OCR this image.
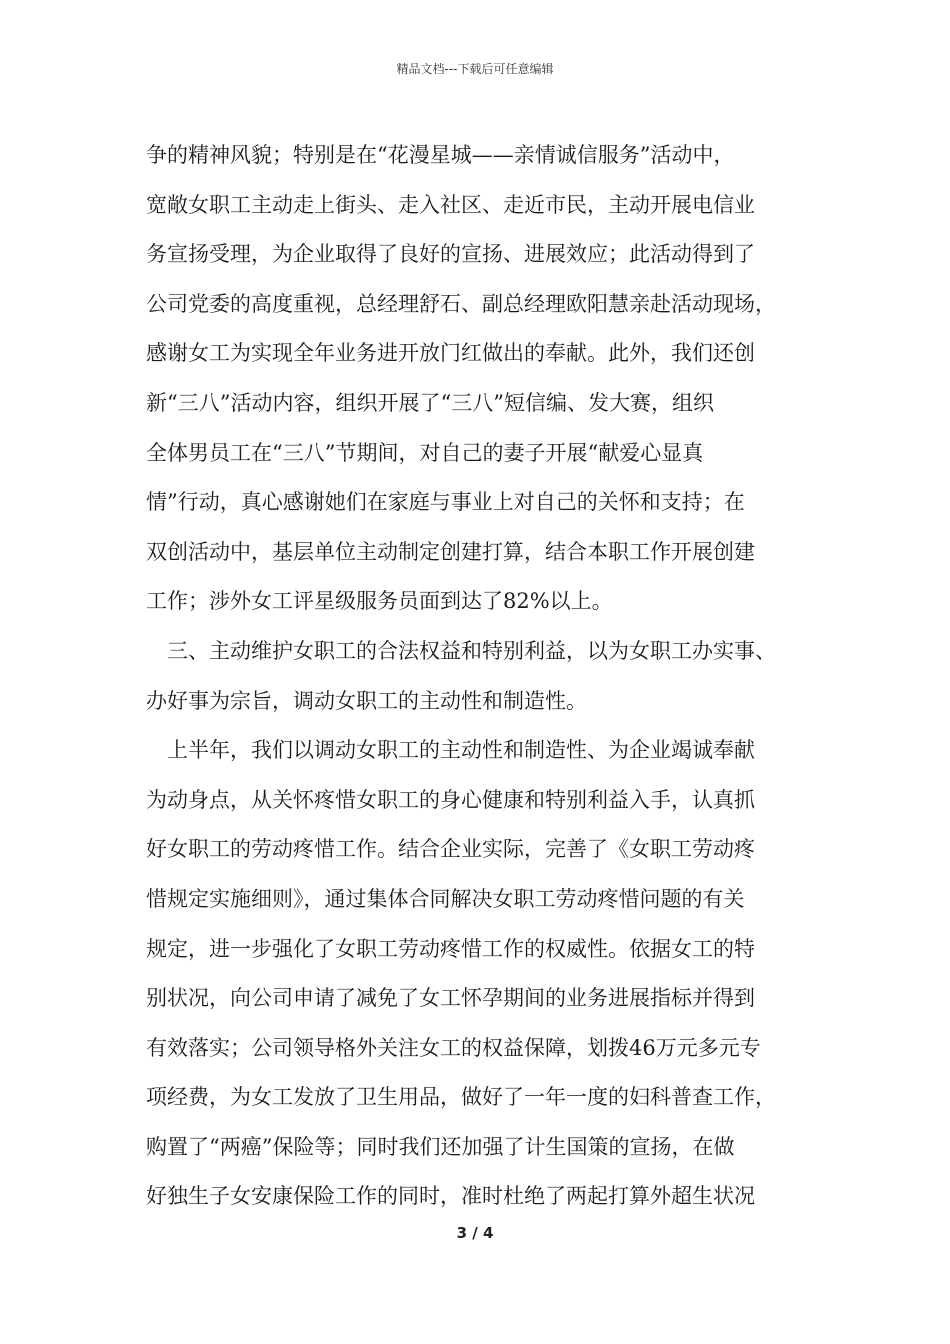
精品文档---下载后可任意编辑
争的精神风貌；特别是在“花漫星城——亲情诚信服务”活动中，
宽敞女职工主动走上街头、走入社区、走近市民，主动开展电信业
务宣扬受理，为企业取得了良好的宣扬、进展效应；此活动得到了
公司党委的高度重视，总经理舒石、副总经理欧阳慧亲赴活动现场，
感谢女工为实现全年业务进开放门红做出的奉献。此外，我们还创
新“三八”活动内容，组织开展了“三八”短信编、发大赛，组织
全体男员工在“三八”节期间，对自己的妻子开展“献爱心显真
情”行动，真心感谢她们在家庭与事业上对自己的关怀和支持；在
双创活动中，基层单位主动制定创建打算，结合本职工作开展创建
工作；涉外女工评星级服务员面到达了82%以上。
三、主动维护女职工的合法权益和特别利益，以为女职工办实事、
办好事为宗旨，调动女职工的主动性和制造性。
上半年，我们以调动女职工的主动性和制造性、为企业竭诚奉献
为动身点，从关怀疼惜女职工的身心健康和特别利益入手，认真抓
好女职工的劳动疼惜工作。结合企业实际，完善了《女职工劳动疼
惜规定实施细则》，通过集体合同解决女职工劳动疼惜问题的有关
规定，进一步强化了女职工劳动疼惜工作的权威性。依据女工的特
别状况，向公司申请了减免了女工怀孕期间的业务进展指标并得到
有效落实；公司领导格外关注女工的权益保障，划拨46万元多元专
项经费，为女工发放了卫生用品，做好了一年一度的妇科普查工作，
购置了“两癌”保险等；同时我们还加强了计生国策的宣扬，在做
好独生子女安康保险工作的同时，准时杜绝了两起打算外超生状况
3 / 4
